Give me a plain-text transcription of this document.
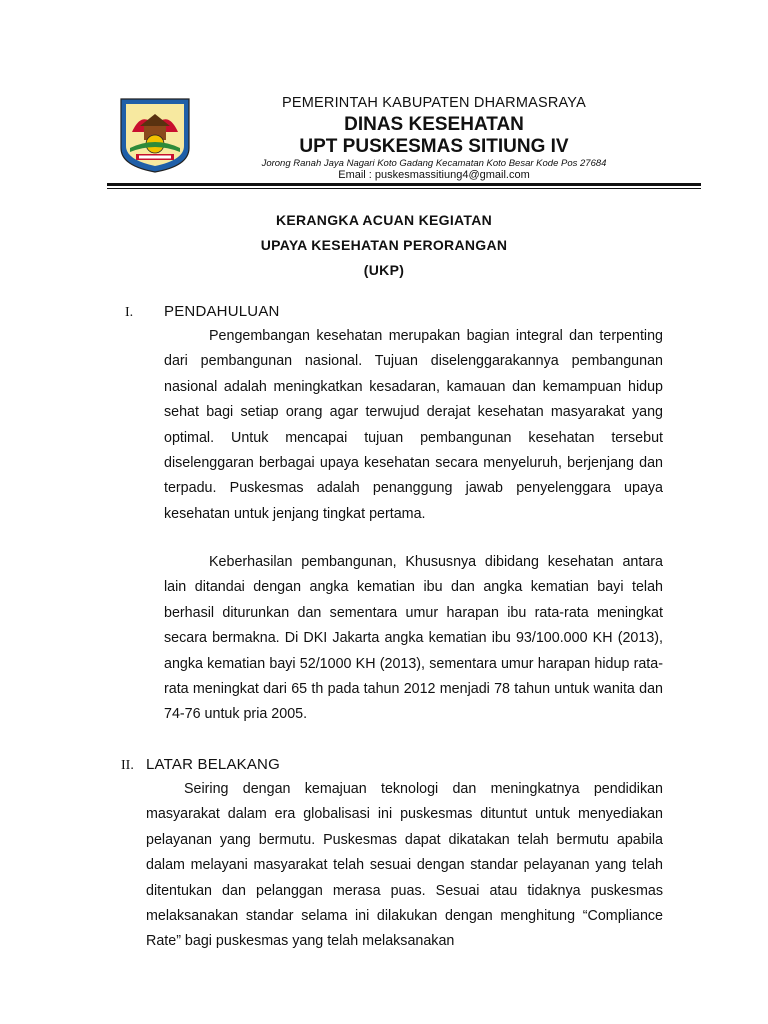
PEMERINTAH KABUPATEN DHARMASRAYA
DINAS KESEHATAN
UPT PUSKESMAS SITIUNG IV
Jorong Ranah Jaya Nagari Koto Gadang Kecamatan Koto Besar Kode Pos 27684
Email : puskesmassitiung4@gmail.com
KERANGKA ACUAN KEGIATAN
UPAYA KESEHATAN PERORANGAN
(UKP)
I. PENDAHULUAN

Pengembangan kesehatan merupakan bagian integral dan terpenting dari pembangunan nasional. Tujuan diselenggarakannya pembangunan nasional adalah meningkatkan kesadaran, kamauan dan kemampuan hidup sehat bagi setiap orang agar terwujud derajat kesehatan masyarakat yang optimal. Untuk mencapai tujuan pembangunan kesehatan tersebut diselenggaran berbagai upaya kesehatan secara menyeluruh, berjenjang dan terpadu. Puskesmas adalah penanggung jawab penyelenggara upaya kesehatan untuk jenjang tingkat pertama.

Keberhasilan pembangunan, Khususnya dibidang kesehatan antara lain ditandai dengan angka kematian ibu dan angka kematian bayi telah berhasil diturunkan dan sementara umur harapan ibu rata-rata meningkat secara bermakna. Di DKI Jakarta angka kematian ibu 93/100.000 KH (2013), angka kematian bayi 52/1000 KH (2013), sementara umur harapan hidup rata-rata meningkat dari 65 th pada tahun 2012 menjadi 78 tahun untuk wanita dan 74-76 untuk pria 2005.

II. LATAR BELAKANG

Seiring dengan kemajuan teknologi dan meningkatnya pendidikan masyarakat dalam era globalisasi ini puskesmas dituntut untuk menyediakan pelayanan yang bermutu. Puskesmas dapat dikatakan telah bermutu apabila dalam melayani masyarakat telah sesuai dengan standar pelayanan yang telah ditentukan dan pelanggan merasa puas. Sesuai atau tidaknya puskesmas melaksanakan standar selama ini dilakukan dengan menghitung “Compliance Rate” bagi puskesmas yang telah melaksanakan
